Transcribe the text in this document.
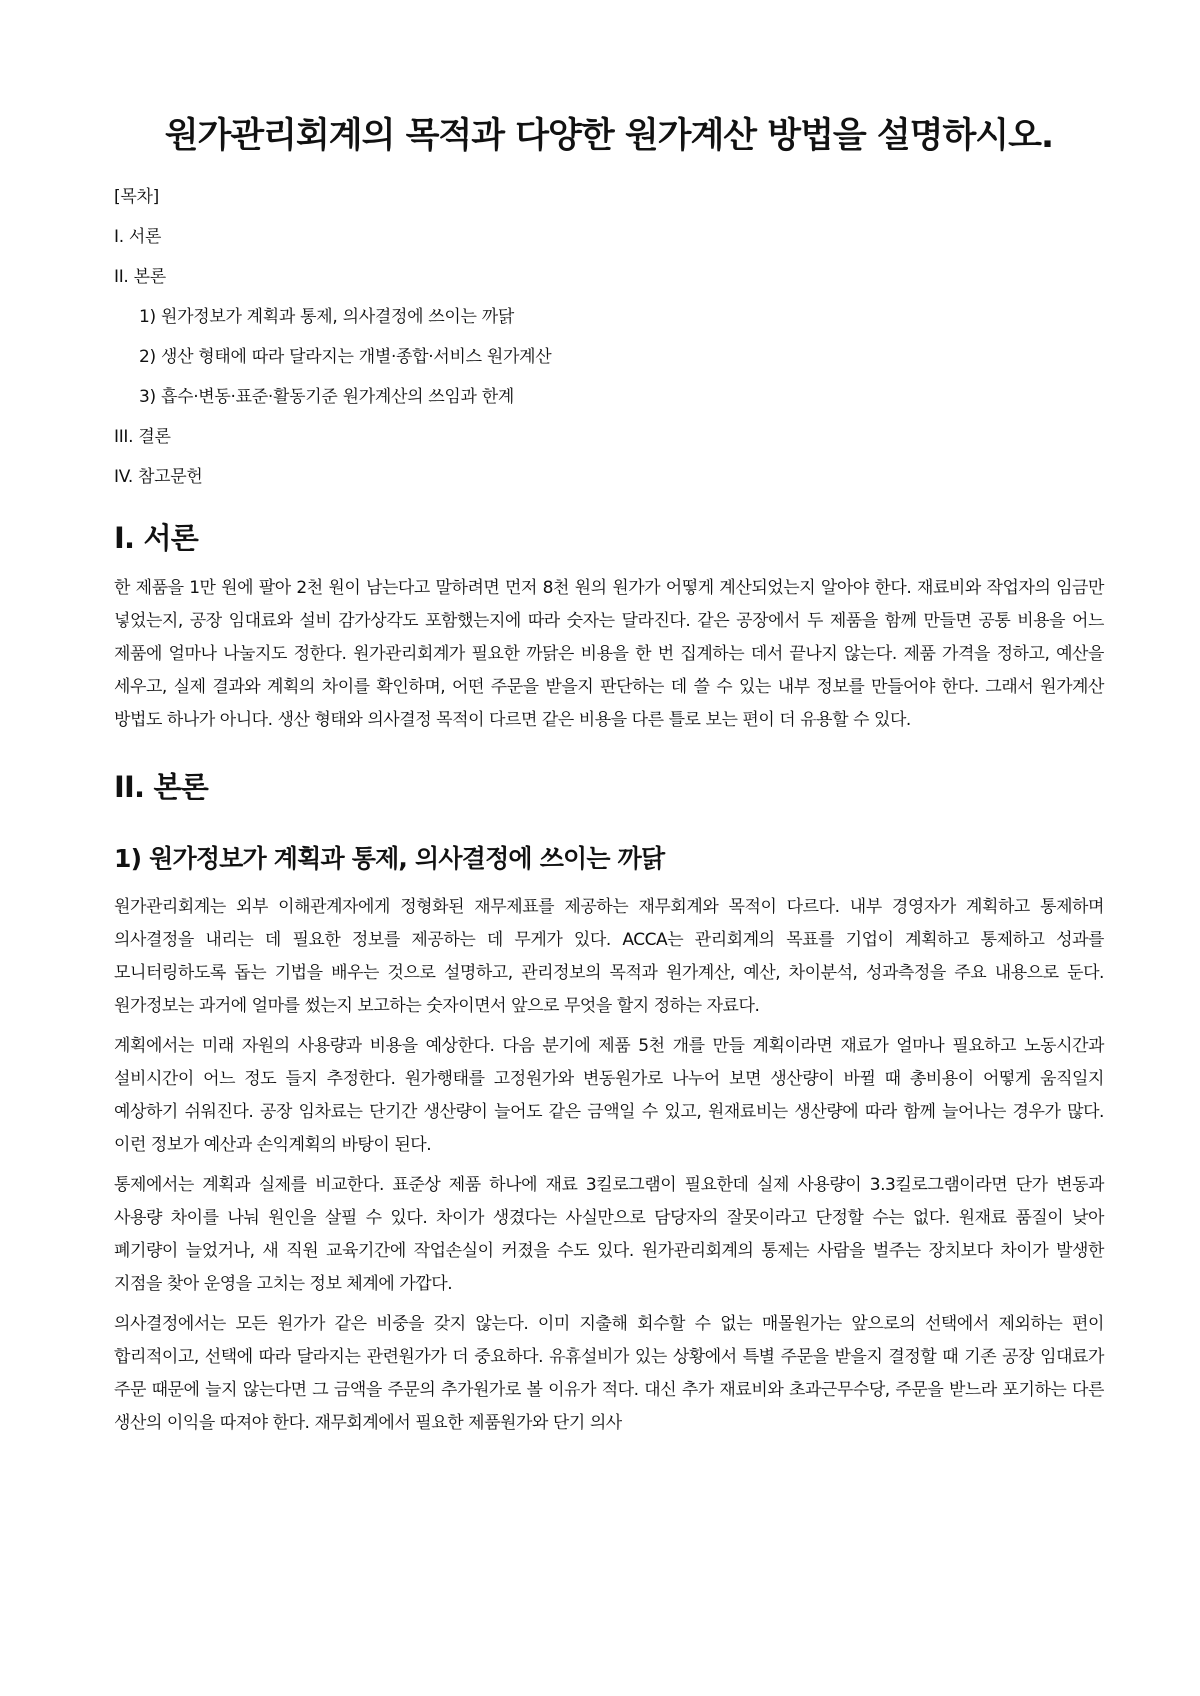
원가관리회계의 목적과 다양한 원가계산 방법을 설명하시오.
[목차]
I. 서론
II. 본론
1) 원가정보가 계획과 통제, 의사결정에 쓰이는 까닭
2) 생산 형태에 따라 달라지는 개별·종합·서비스 원가계산
3) 흡수·변동·표준·활동기준 원가계산의 쓰임과 한계
III. 결론
IV. 참고문헌
I. 서론

한 제품을 1만 원에 팔아 2천 원이 남는다고 말하려면 먼저 8천 원의 원가가 어떻게 계산되었는지 알아야 한다. 재료비와 작업자의 임금만 넣었는지, 공장 임대료와 설비 감가상각도 포함했는지에 따라 숫자는 달라진다. 같은 공장에서 두 제품을 함께 만들면 공통 비용을 어느 제품에 얼마나 나눌지도 정한다. 원가관리회계가 필요한 까닭은 비용을 한 번 집계하는 데서 끝나지 않는다. 제품 가격을 정하고, 예산을 세우고, 실제 결과와 계획의 차이를 확인하며, 어떤 주문을 받을지 판단하는 데 쓸 수 있는 내부 정보를 만들어야 한다. 그래서 원가계산 방법도 하나가 아니다. 생산 형태와 의사결정 목적이 다르면 같은 비용을 다른 틀로 보는 편이 더 유용할 수 있다.

II. 본론
1) 원가정보가 계획과 통제, 의사결정에 쓰이는 까닭

원가관리회계는 외부 이해관계자에게 정형화된 재무제표를 제공하는 재무회계와 목적이 다르다. 내부 경영자가 계획하고 통제하며 의사결정을 내리는 데 필요한 정보를 제공하는 데 무게가 있다. ACCA는 관리회계의 목표를 기업이 계획하고 통제하고 성과를 모니터링하도록 돕는 기법을 배우는 것으로 설명하고, 관리정보의 목적과 원가계산, 예산, 차이분석, 성과측정을 주요 내용으로 둔다. 원가정보는 과거에 얼마를 썼는지 보고하는 숫자이면서 앞으로 무엇을 할지 정하는 자료다.

계획에서는 미래 자원의 사용량과 비용을 예상한다. 다음 분기에 제품 5천 개를 만들 계획이라면 재료가 얼마나 필요하고 노동시간과 설비시간이 어느 정도 들지 추정한다. 원가행태를 고정원가와 변동원가로 나누어 보면 생산량이 바뀔 때 총비용이 어떻게 움직일지 예상하기 쉬워진다. 공장 임차료는 단기간 생산량이 늘어도 같은 금액일 수 있고, 원재료비는 생산량에 따라 함께 늘어나는 경우가 많다. 이런 정보가 예산과 손익계획의 바탕이 된다.

통제에서는 계획과 실제를 비교한다. 표준상 제품 하나에 재료 3킬로그램이 필요한데 실제 사용량이 3.3킬로그램이라면 단가 변동과 사용량 차이를 나눠 원인을 살필 수 있다. 차이가 생겼다는 사실만으로 담당자의 잘못이라고 단정할 수는 없다. 원재료 품질이 낮아 폐기량이 늘었거나, 새 직원 교육기간에 작업손실이 커졌을 수도 있다. 원가관리회계의 통제는 사람을 벌주는 장치보다 차이가 발생한 지점을 찾아 운영을 고치는 정보 체계에 가깝다.

의사결정에서는 모든 원가가 같은 비중을 갖지 않는다. 이미 지출해 회수할 수 없는 매몰원가는 앞으로의 선택에서 제외하는 편이 합리적이고, 선택에 따라 달라지는 관련원가가 더 중요하다. 유휴설비가 있는 상황에서 특별 주문을 받을지 결정할 때 기존 공장 임대료가 주문 때문에 늘지 않는다면 그 금액을 주문의 추가원가로 볼 이유가 적다. 대신 추가 재료비와 초과근무수당, 주문을 받느라 포기하는 다른 생산의 이익을 따져야 한다. 재무회계에서 필요한 제품원가와 단기 의사
